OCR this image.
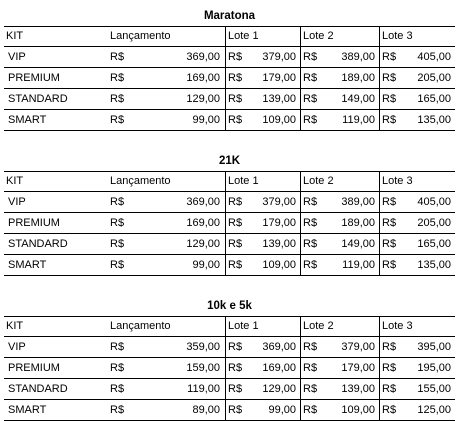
Maratona
KIT	Lançamento	Lote 1	Lote 2	Lote 3
VIP	R$	369,00 R$ 379,00 R$ 389,00 R$ 405,00
PREMIUM	R$	169,00 R$ 179,00 R$ 189,00 R$ 205,00
STANDARD	R$	129,00 R$ 139,00 R$ 149,00 R$ 165,00
SMART	R$	99,00 R$ 109,00 R$ 119,00 R$ 135,00
21K
KIT	Lançamento	Lote 1	Lote 2	Lote 3
VIP	R$	369,00 R$ 379,00 R$ 389,00 R$ 405,00
PREMIUM	R$	169,00 R$ 179,00 R$ 189,00 R$ 205,00
STANDARD	R$	129,00 R$ 139,00 R$ 149,00 R$ 165,00
SMART	R$	99,00 R$ 109,00 R$ 119,00 R$ 135,00
10k e 5k
KIT	Lançamento	Lote 1	Lote 2	Lote 3
VIP	R$	359,00 R$ 369,00 R$ 379,00 R$ 395,00
PREMIUM	R$	159,00 R$ 169,00 R$ 179,00 R$ 195,00
STANDARD	R$	119,00 R$ 129,00 R$ 139,00 R$ 155,00
SMART	R$	89,00 R$ 99,00 R$ 109,00 R$ 125,00
